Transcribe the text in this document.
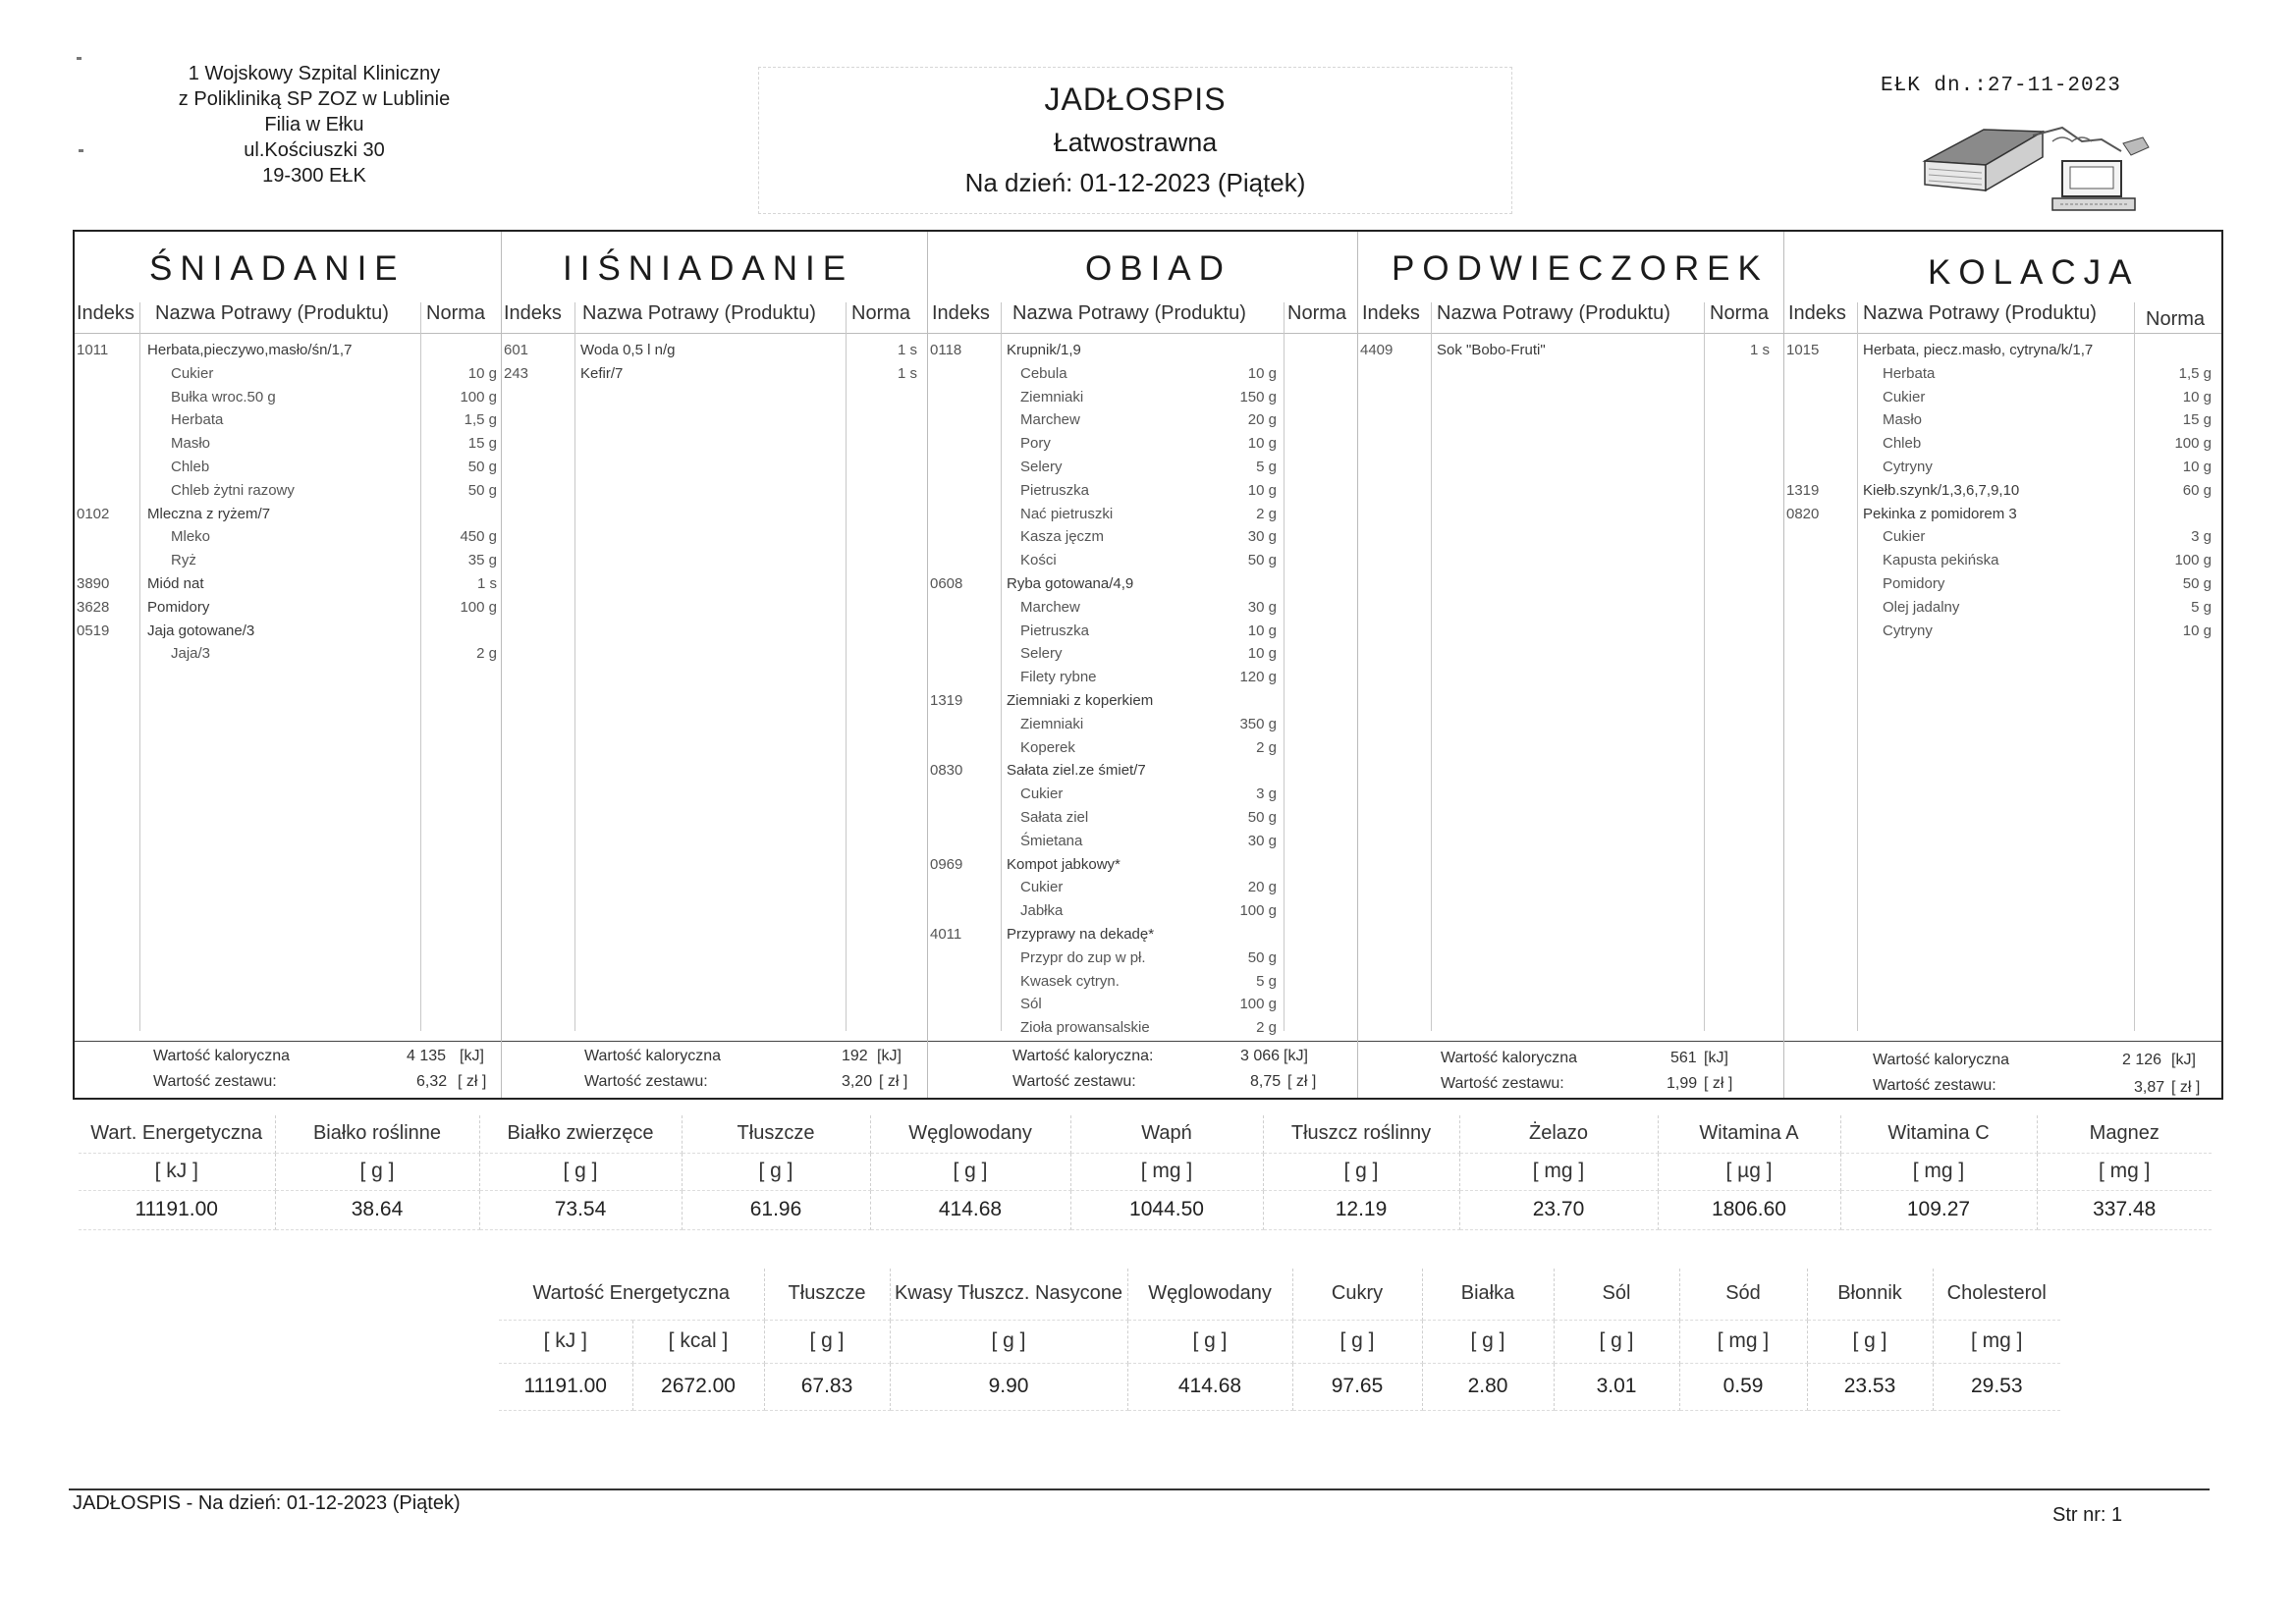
1 Wojskowy Szpital Kliniczny
z Polikliniką SP ZOZ w Lublinie
Filia w Ełku
ul.Kościuszki 30
19-300 EŁK
JADŁOSPIS
Łatwostrawna
Na dzień: 01-12-2023 (Piątek)
EŁK dn.:27-11-2023
ŚNIADANIE
Indeks Nazwa Potrawy (Produktu) Norma
1011	Herbata,pieczywo,masło/śn/1,7
Cukier	10 g
Bułka wroc.50 g	100 g
Herbata	1,5 g
Masło	15 g
Chleb	50 g
Chleb żytni razowy	50 g
0102	Mleczna z ryżem/7
Mleko	450 g
Ryż	35 g
3890	Miód nat	1 s
3628	Pomidory	100 g
0519	Jaja gotowane/3
Jaja/3	2 g
Wartość kaloryczna	4 135 [kJ]
Wartość zestawu:	6,32 [ zł ]
IIŚNIADANIE
Indeks Nazwa Potrawy (Produktu) Norma
601	Woda 0,5 l n/g	1 s
243	Kefir/7	1 s
Wartość kaloryczna	192 [kJ]
Wartość zestawu:	3,20 [ zł ]
OBIAD
Indeks Nazwa Potrawy (Produktu) Norma
0118	Krupnik/1,9
Cebula	10 g
Ziemniaki	150 g
Marchew	20 g
Pory	10 g
Selery	5 g
Pietruszka	10 g
Nać pietruszki	2 g
Kasza jęczm	30 g
Kości	50 g
0608	Ryba gotowana/4,9
Marchew	30 g
Pietruszka	10 g
Selery	10 g
Filety rybne	120 g
1319	Ziemniaki z koperkiem
Ziemniaki	350 g
Koperek	2 g
0830	Sałata ziel.ze śmiet/7
Cukier	3 g
Sałata ziel	50 g
Śmietana	30 g
0969	Kompot jabkowy*
Cukier	20 g
Jabłka	100 g
4011	Przyprawy na dekadę*
Przypr do zup w pł.	50 g
Kwasek cytryn.	5 g
Sól	100 g
Zioła prowansalskie	2 g
Wartość kaloryczna:	3 066 [kJ]
Wartość zestawu:	8,75 [ zł ]
PODWIECZOREK
Indeks Nazwa Potrawy (Produktu) Norma
4409	Sok "Bobo-Fruti"	1 s
Wartość kaloryczna	561 [kJ]
Wartość zestawu:	1,99 [ zł ]
KOLACJA
Indeks Nazwa Potrawy (Produktu)	Norma
1015	Herbata, piecz.masło, cytryna/k/1,7
Herbata	1,5 g
Cukier	10 g
Masło	15 g
Chleb	100 g
Cytryny	10 g
1319	Kiełb.szynk/1,3,6,7,9,10	60 g
0820	Pekinka z pomidorem 3
Cukier	3 g
Kapusta pekińska	100 g
Pomidory	50 g
Olej jadalny	5 g
Cytryny	10 g
Wartość kaloryczna	2 126 [kJ]
Wartość zestawu:	3,87 [ zł ]
Wart. Energetyczna	Białko roślinne	Białko zwierzęce	Tłuszcze	Węglowodany	Wapń	Tłuszcz roślinny	Żelazo	Witamina A	Witamina C	Magnez
[ kJ ]	[ g ]	[ g ]	[ g ]	[ g ]	[ mg ]	[ g ]	[ mg ]	[ µg ]	[ mg ]	[ mg ]
11191.00	38.64	73.54	61.96	414.68	1044.50	12.19	23.70	1806.60	109.27	337.48
Wartość Energetyczna		Tłuszcze	Kwasy Tłuszcz. Nasycone	Węglowodany	Cukry	Białka	Sól	Sód	Błonnik	Cholesterol
[ kJ ]	[ kcal ]	[ g ]	[ g ]	[ g ]	[ g ]	[ g ]	[ g ]	[ mg ]	[ g ]	[ mg ]
11191.00	2672.00	67.83	9.90	414.68	97.65	2.80	3.01	0.59	23.53	29.53
JADŁOSPIS - Na dzień: 01-12-2023 (Piątek)
Str nr: 1
